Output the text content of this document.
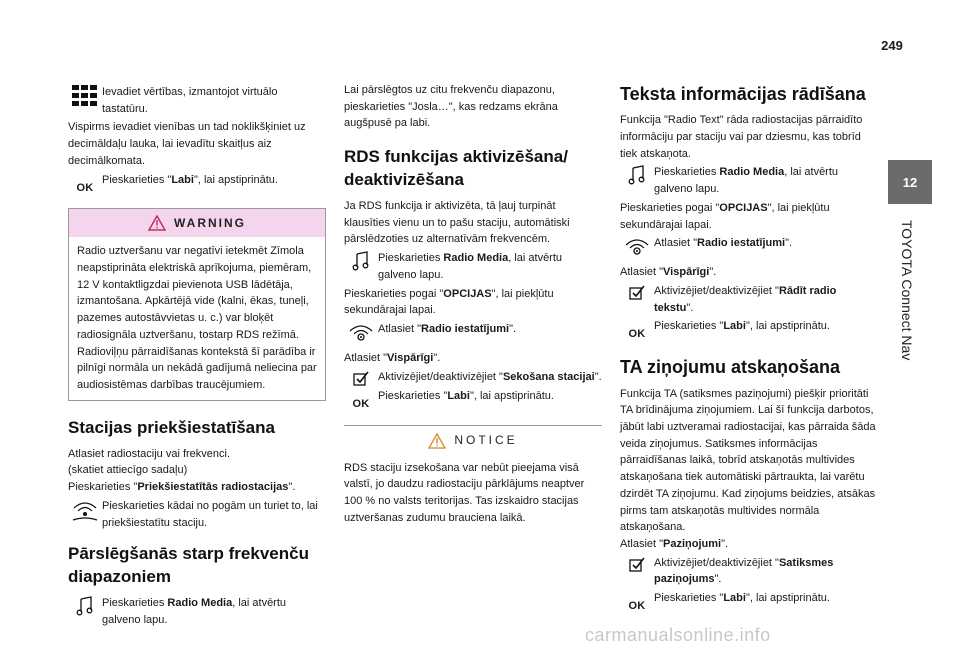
249
12
TOYOTA Connect Nav
Ievadiet vērtības, izmantojot virtuālo tastatūru.

Vispirms ievadiet vienības un tad noklikšķiniet uz decimāldaļu lauka, lai ievadītu skaitļus aiz decimālkomata.

OK
Pieskarieties "Labi", lai apstiprinātu.
WARNING
Radio uztveršanu var negatīvi ietekmēt Zīmola neapstiprināta elektriskā aprīkojuma, piemēram, 12 V kontaktligzdai pievienota USB lādētāja, izmantošana. Apkārtējā vide (kalni, ēkas, tuneļi, pazemes autostāvvietas u. c.) var bloķēt radiosignāla uztveršanu, tostarp RDS režīmā. Radioviļņu pārraidīšanas kontekstā šī parādība ir pilnīgi normāla un nekādā gadījumā neliecina par audiosistēmas darbības traucējumiem.
Stacijas priekšiestatīšana

Atlasiet radiostaciju vai frekvenci.
(skatiet attiecīgo sadaļu)
Pieskarieties "Priekšiestatītās radiostacijas".

Pieskarieties kādai no pogām un turiet to, lai priekšiestatītu staciju.
Pārslēgšanās starp frekvenču diapazoniem
Pieskarieties Radio Media, lai atvērtu galveno lapu.

Lai pārslēgtos uz citu frekvenču diapazonu, pieskarieties "Josla…", kas redzams ekrāna augšpusē pa labi.

RDS funkcijas aktivizēšana/ deaktivizēšana

Ja RDS funkcija ir aktivizēta, tā ļauj turpināt klausīties vienu un to pašu staciju, automātiski pārslēdzoties uz alternatīvām frekvencēm.

Pieskarieties Radio Media, lai atvērtu galveno lapu.

Pieskarieties pogai "OPCIJAS", lai piekļūtu sekundārajai lapai.

Atlasiet "Radio iestatījumi".

Atlasiet "Vispārīgi".

Aktivizējiet/deaktivizējiet "Sekošana stacijai".
OK
Pieskarieties "Labi", lai apstiprinātu.
NOTICE
RDS staciju izsekošana var nebūt pieejama visā valstī, jo daudzu radiostaciju pārklājums neaptver 100 % no valsts teritorijas. Tas izskaidro stacijas uztveršanas zudumu brauciena laikā.
Teksta informācijas rādīšana

Funkcija "Radio Text" rāda radiostacijas pārraidīto informāciju par staciju vai par dziesmu, kas tobrīd tiek atskaņota.

Pieskarieties Radio Media, lai atvērtu galveno lapu.

Pieskarieties pogai "OPCIJAS", lai piekļūtu sekundārajai lapai.

Atlasiet "Radio iestatījumi".

Atlasiet "Vispārīgi".

Aktivizējiet/deaktivizējiet "Rādīt radio tekstu".
OK
Pieskarieties "Labi", lai apstiprinātu.
TA ziņojumu atskaņošana

Funkcija TA (satiksmes paziņojumi) piešķir prioritāti TA brīdinājuma ziņojumiem. Lai šī funkcija darbotos, jābūt labi uztveramai radiostacijai, kas pārraida šāda veida ziņojumus. Satiksmes informācijas pārraidīšanas laikā, tobrīd atskaņotās multivides atskaņošana tiek automātiski pārtraukta, lai varētu dzirdēt TA ziņojumu. Kad ziņojums beidzies, atsākas pirms tam atskaņotās multivides normāla atskaņošana.

Atlasiet "Paziņojumi".

Aktivizējiet/deaktivizējiet "Satiksmes paziņojums".
OK
Pieskarieties "Labi", lai apstiprinātu.
carmanualsonline.info
